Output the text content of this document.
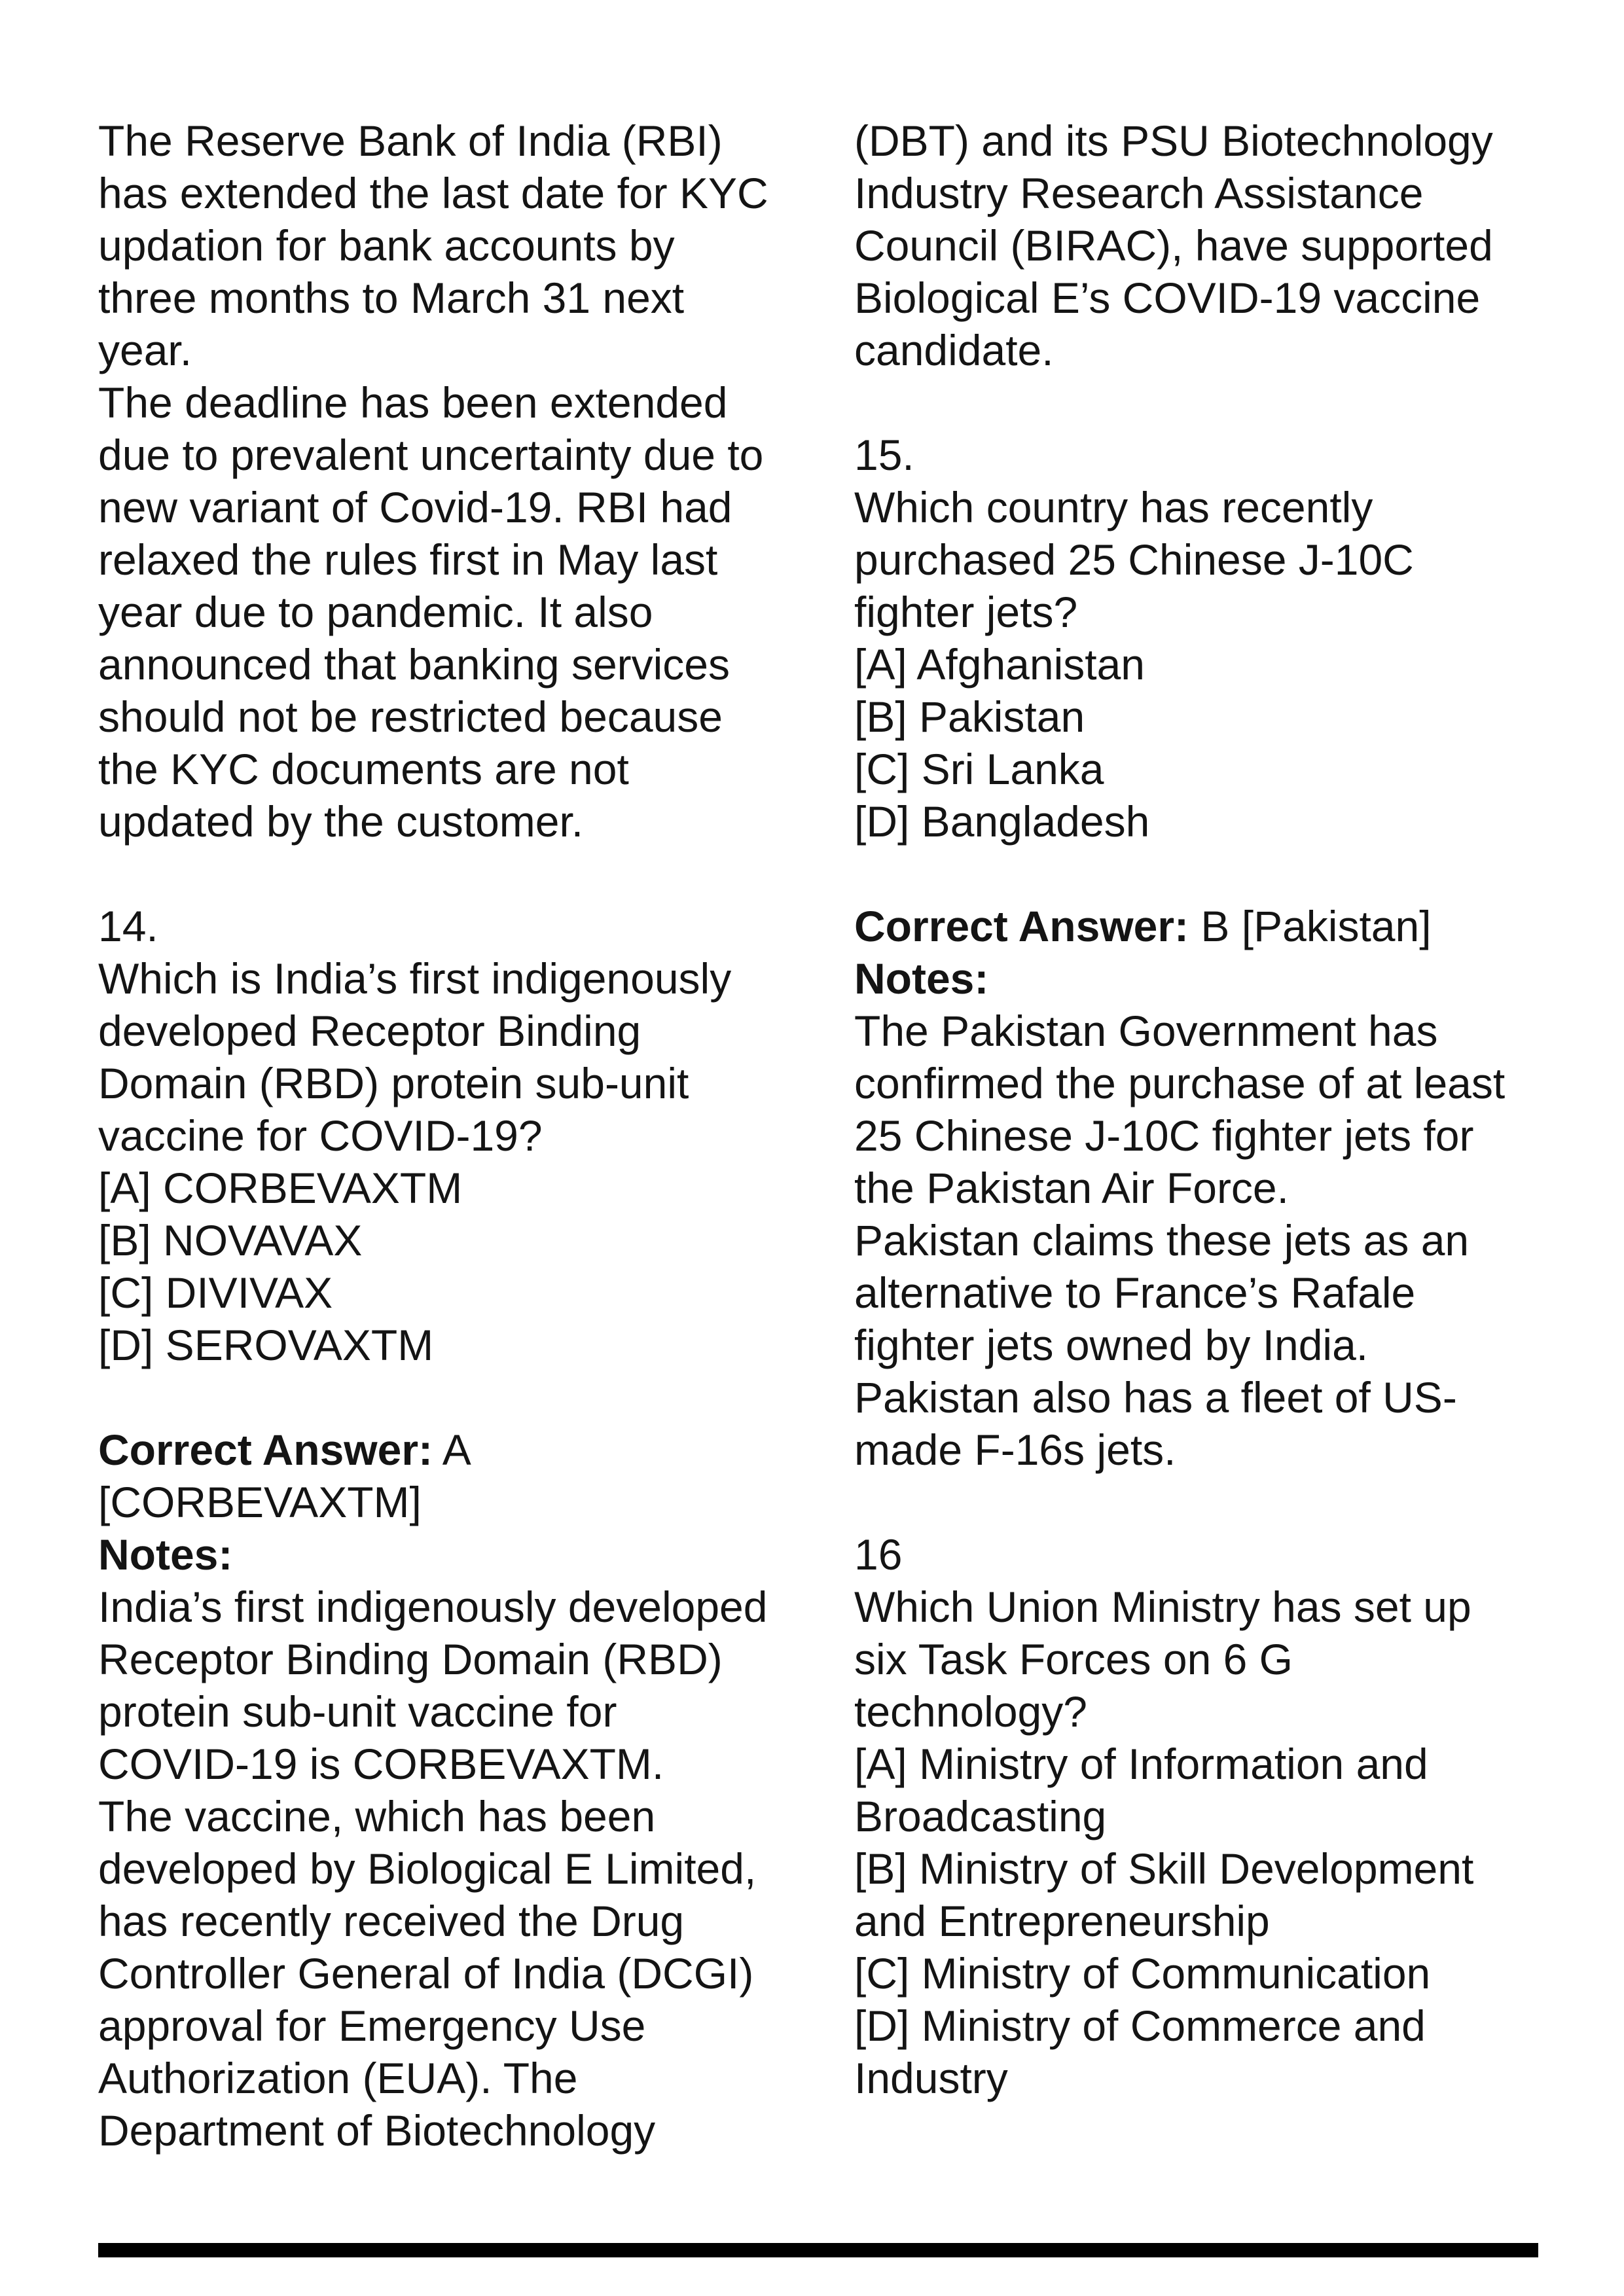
The Reserve Bank of India (RBI)
has extended the last date for KYC
updation for bank accounts by
three months to March 31 next
year.
The deadline has been extended
due to prevalent uncertainty due to
new variant of Covid-19. RBI had
relaxed the rules first in May last
year due to pandemic. It also
announced that banking services
should not be restricted because
the KYC documents are not
updated by the customer.
14.
Which is India’s first indigenously
developed Receptor Binding
Domain (RBD) protein sub-unit
vaccine for COVID-19?
[A] CORBEVAXTM
[B] NOVAVAX
[C] DIVIVAX
[D] SEROVAXTM
Correct Answer: A
[CORBEVAXTM]
Notes:
India’s first indigenously developed
Receptor Binding Domain (RBD)
protein sub-unit vaccine for
COVID-19 is CORBEVAXTM.
The vaccine, which has been
developed by Biological E Limited,
has recently received the Drug
Controller General of India (DCGI)
approval for Emergency Use
Authorization (EUA). The
Department of Biotechnology
(DBT) and its PSU Biotechnology
Industry Research Assistance
Council (BIRAC), have supported
Biological E’s COVID-19 vaccine
candidate.
15.
Which country has recently
purchased 25 Chinese J-10C
fighter jets?
[A] Afghanistan
[B] Pakistan
[C] Sri Lanka
[D] Bangladesh
Correct Answer: B [Pakistan]
Notes:
The Pakistan Government has
confirmed the purchase of at least
25 Chinese J-10C fighter jets for
the Pakistan Air Force.
Pakistan claims these jets as an
alternative to France’s Rafale
fighter jets owned by India.
Pakistan also has a fleet of US-
made F-16s jets.
16
Which Union Ministry has set up
six Task Forces on 6 G
technology?
[A] Ministry of Information and
Broadcasting
[B] Ministry of Skill Development
and Entrepreneurship
[C] Ministry of Communication
[D] Ministry of Commerce and
Industry
